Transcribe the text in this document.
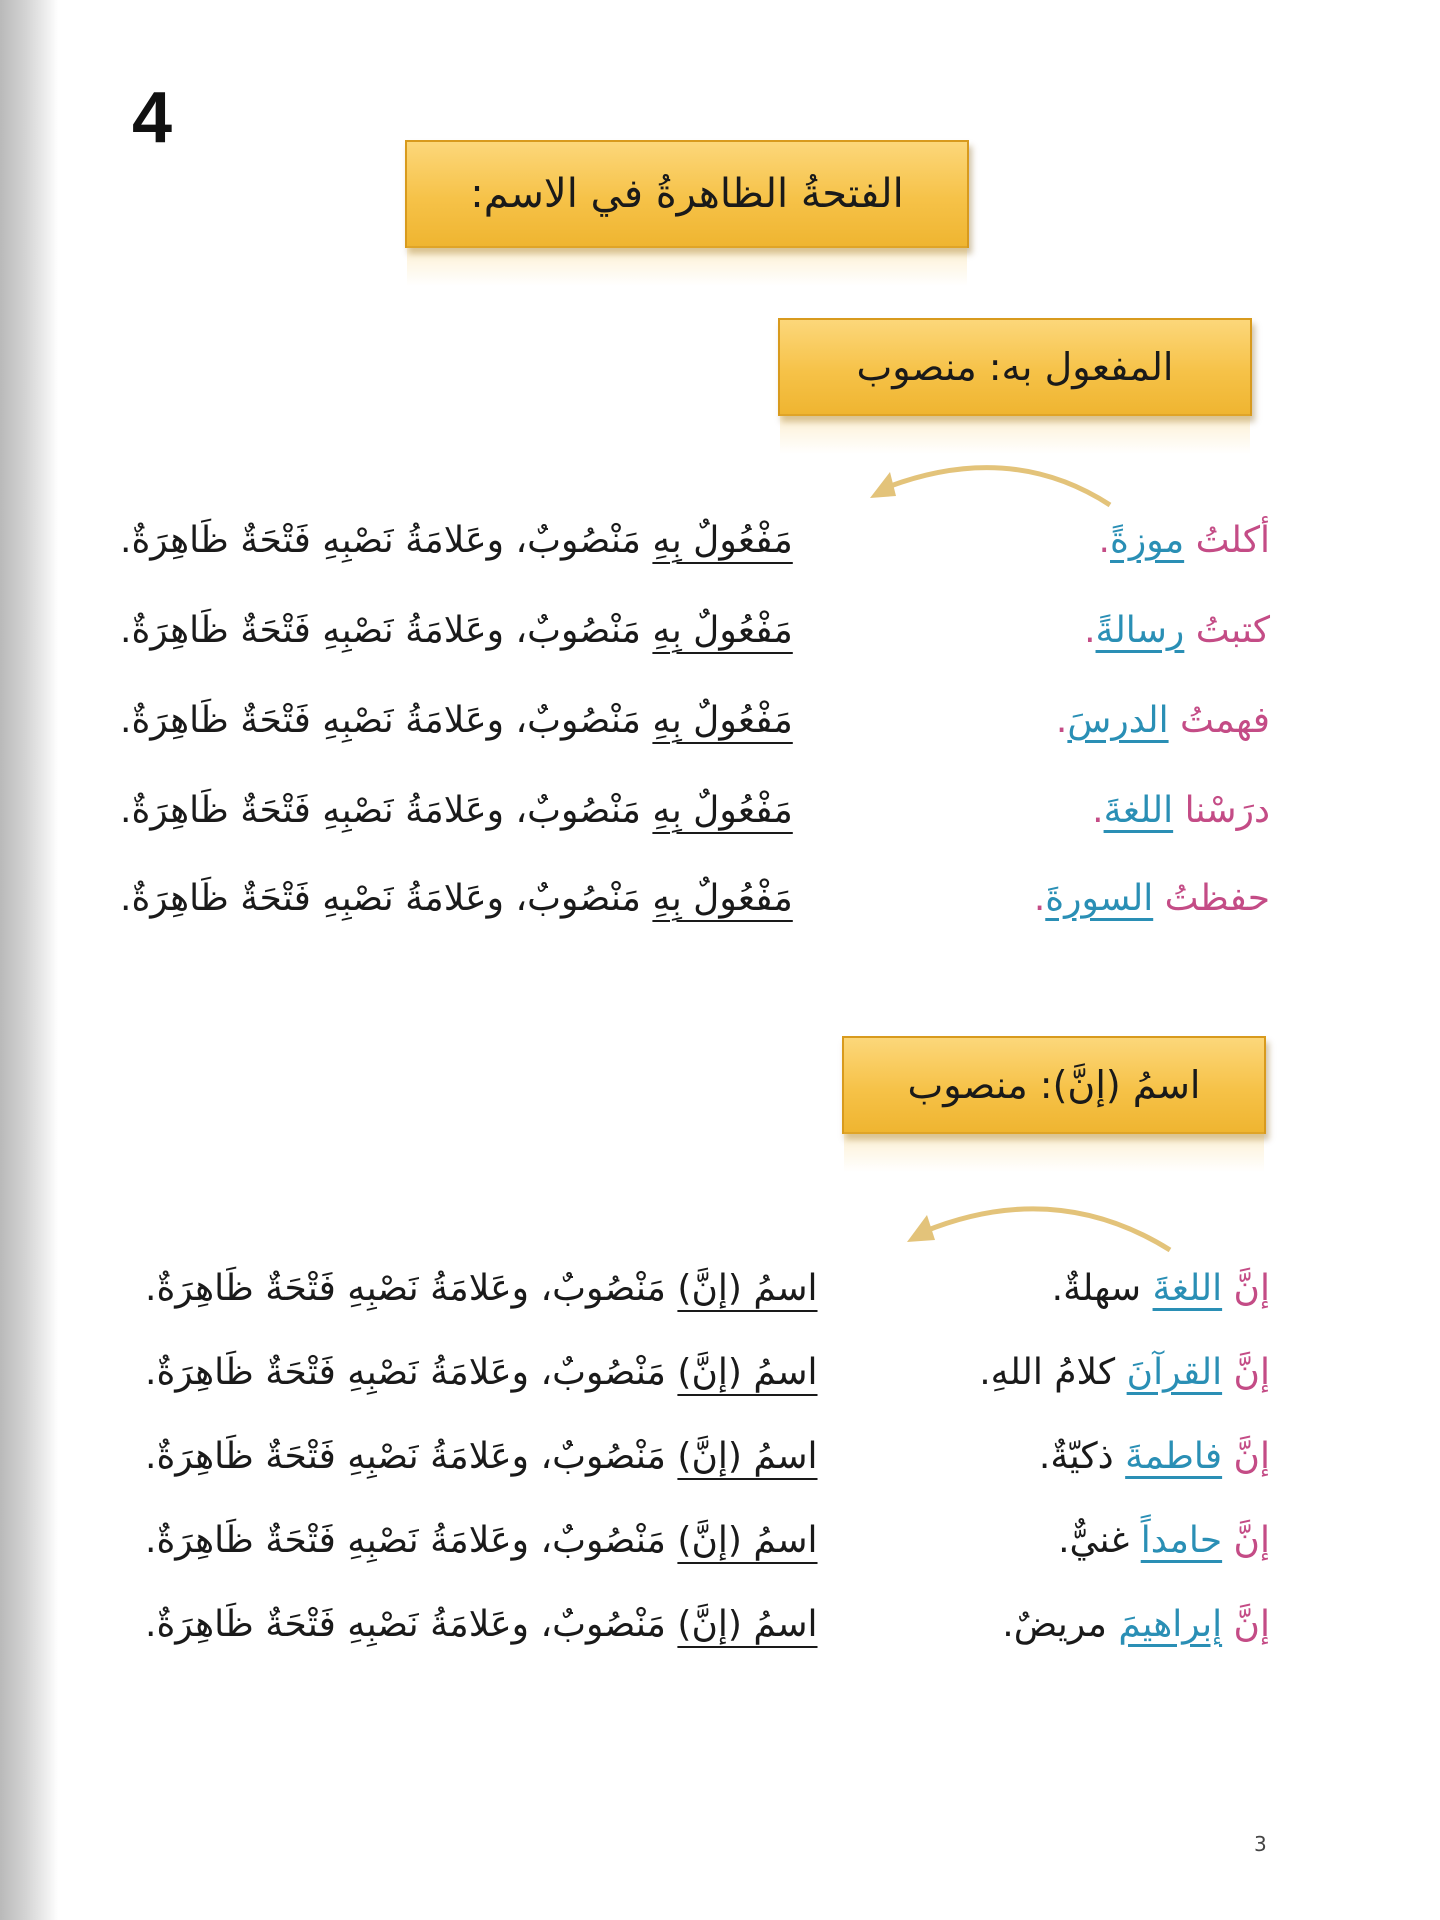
4
الفتحةُ الظاهرةُ في الاسم:
المفعول به: منصوب
أكلتُ موزةً.
مَفْعُولٌ بِهِ مَنْصُوبٌ، وعَلامَةُ نَصْبِهِ فَتْحَةٌ ظَاهِرَةٌ.
كتبتُ رسالةً.
مَفْعُولٌ بِهِ مَنْصُوبٌ، وعَلامَةُ نَصْبِهِ فَتْحَةٌ ظَاهِرَةٌ.
فهمتُ الدرسَ.
مَفْعُولٌ بِهِ مَنْصُوبٌ، وعَلامَةُ نَصْبِهِ فَتْحَةٌ ظَاهِرَةٌ.
درَسْنا اللغةَ.
مَفْعُولٌ بِهِ مَنْصُوبٌ، وعَلامَةُ نَصْبِهِ فَتْحَةٌ ظَاهِرَةٌ.
حفظتُ السورةَ.
مَفْعُولٌ بِهِ مَنْصُوبٌ، وعَلامَةُ نَصْبِهِ فَتْحَةٌ ظَاهِرَةٌ.
اسمُ (إنَّ): منصوب
إنَّ اللغةَ سهلةٌ.
اسمُ (إنَّ) مَنْصُوبٌ، وعَلامَةُ نَصْبِهِ فَتْحَةٌ ظَاهِرَةٌ.
إنَّ القرآنَ كلامُ اللهِ.
اسمُ (إنَّ) مَنْصُوبٌ، وعَلامَةُ نَصْبِهِ فَتْحَةٌ ظَاهِرَةٌ.
إنَّ فاطمةَ ذكيّةٌ.
اسمُ (إنَّ) مَنْصُوبٌ، وعَلامَةُ نَصْبِهِ فَتْحَةٌ ظَاهِرَةٌ.
إنَّ حامداً غنيٌّ.
اسمُ (إنَّ) مَنْصُوبٌ، وعَلامَةُ نَصْبِهِ فَتْحَةٌ ظَاهِرَةٌ.
إنَّ إبراهيمَ مريضٌ.
اسمُ (إنَّ) مَنْصُوبٌ، وعَلامَةُ نَصْبِهِ فَتْحَةٌ ظَاهِرَةٌ.
3
